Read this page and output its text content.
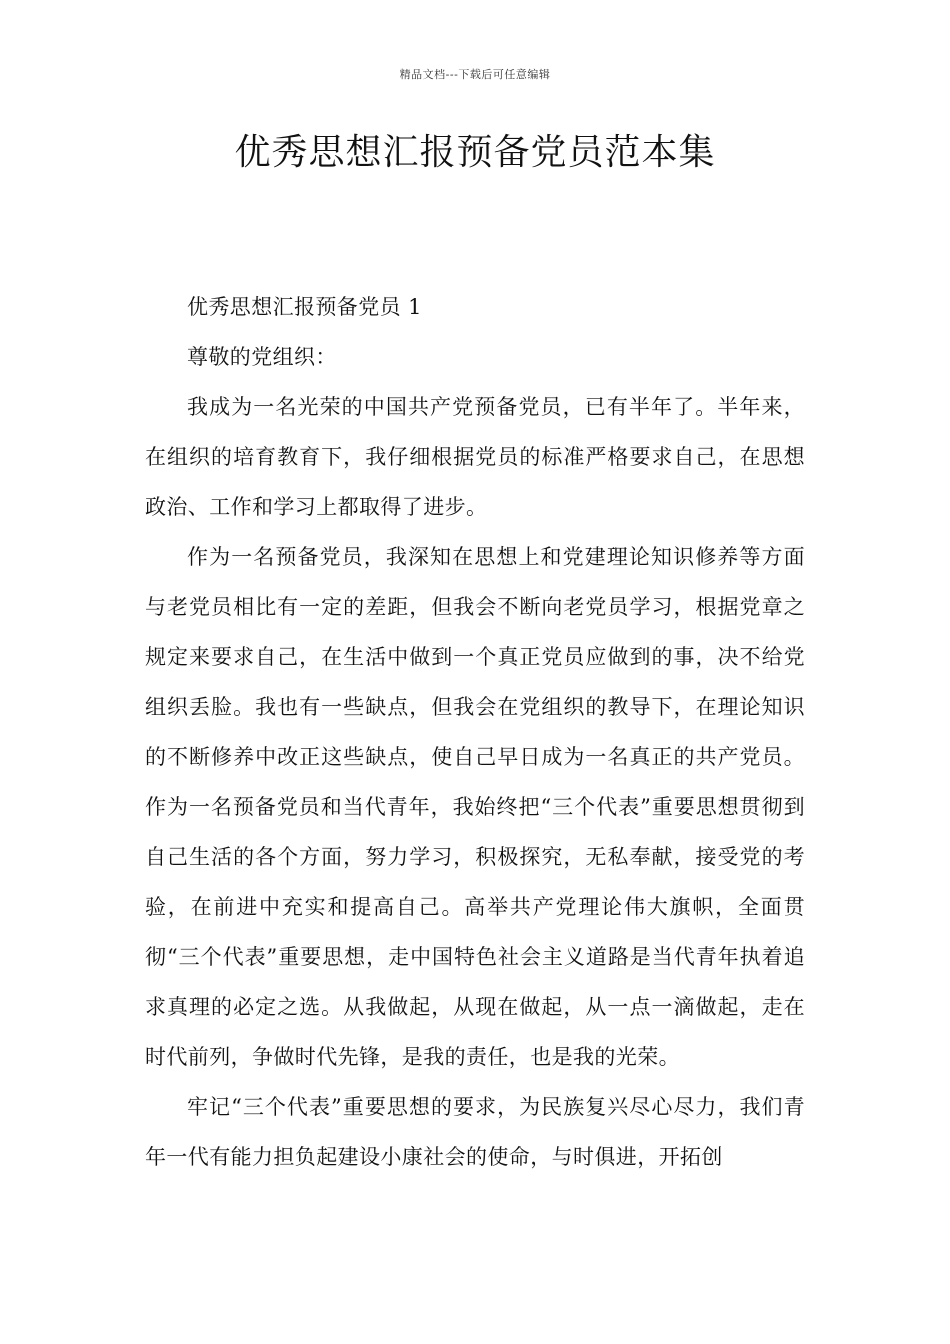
精品文档---下载后可任意编辑
优秀思想汇报预备党员范本集

优秀思想汇报预备党员 1

尊敬的党组织：

我成为一名光荣的中国共产党预备党员，已有半年了。半年来，在组织的培育教育下，我仔细根据党员的标准严格要求自己，在思想政治、工作和学习上都取得了进步。

作为一名预备党员，我深知在思想上和党建理论知识修养等方面与老党员相比有一定的差距，但我会不断向老党员学习，根据党章之规定来要求自己，在生活中做到一个真正党员应做到的事，决不给党组织丢脸。我也有一些缺点，但我会在党组织的教导下，在理论知识的不断修养中改正这些缺点，使自己早日成为一名真正的共产党员。作为一名预备党员和当代青年，我始终把“三个代表”重要思想贯彻到自己生活的各个方面，努力学习，积极探究，无私奉献，接受党的考验，在前进中充实和提高自己。高举共产党理论伟大旗帜，全面贯彻“三个代表”重要思想，走中国特色社会主义道路是当代青年执着追求真理的必定之选。从我做起，从现在做起，从一点一滴做起，走在时代前列，争做时代先锋，是我的责任，也是我的光荣。

牢记“三个代表”重要思想的要求，为民族复兴尽心尽力，我们青年一代有能力担负起建设小康社会的使命，与时俱进，开拓创
